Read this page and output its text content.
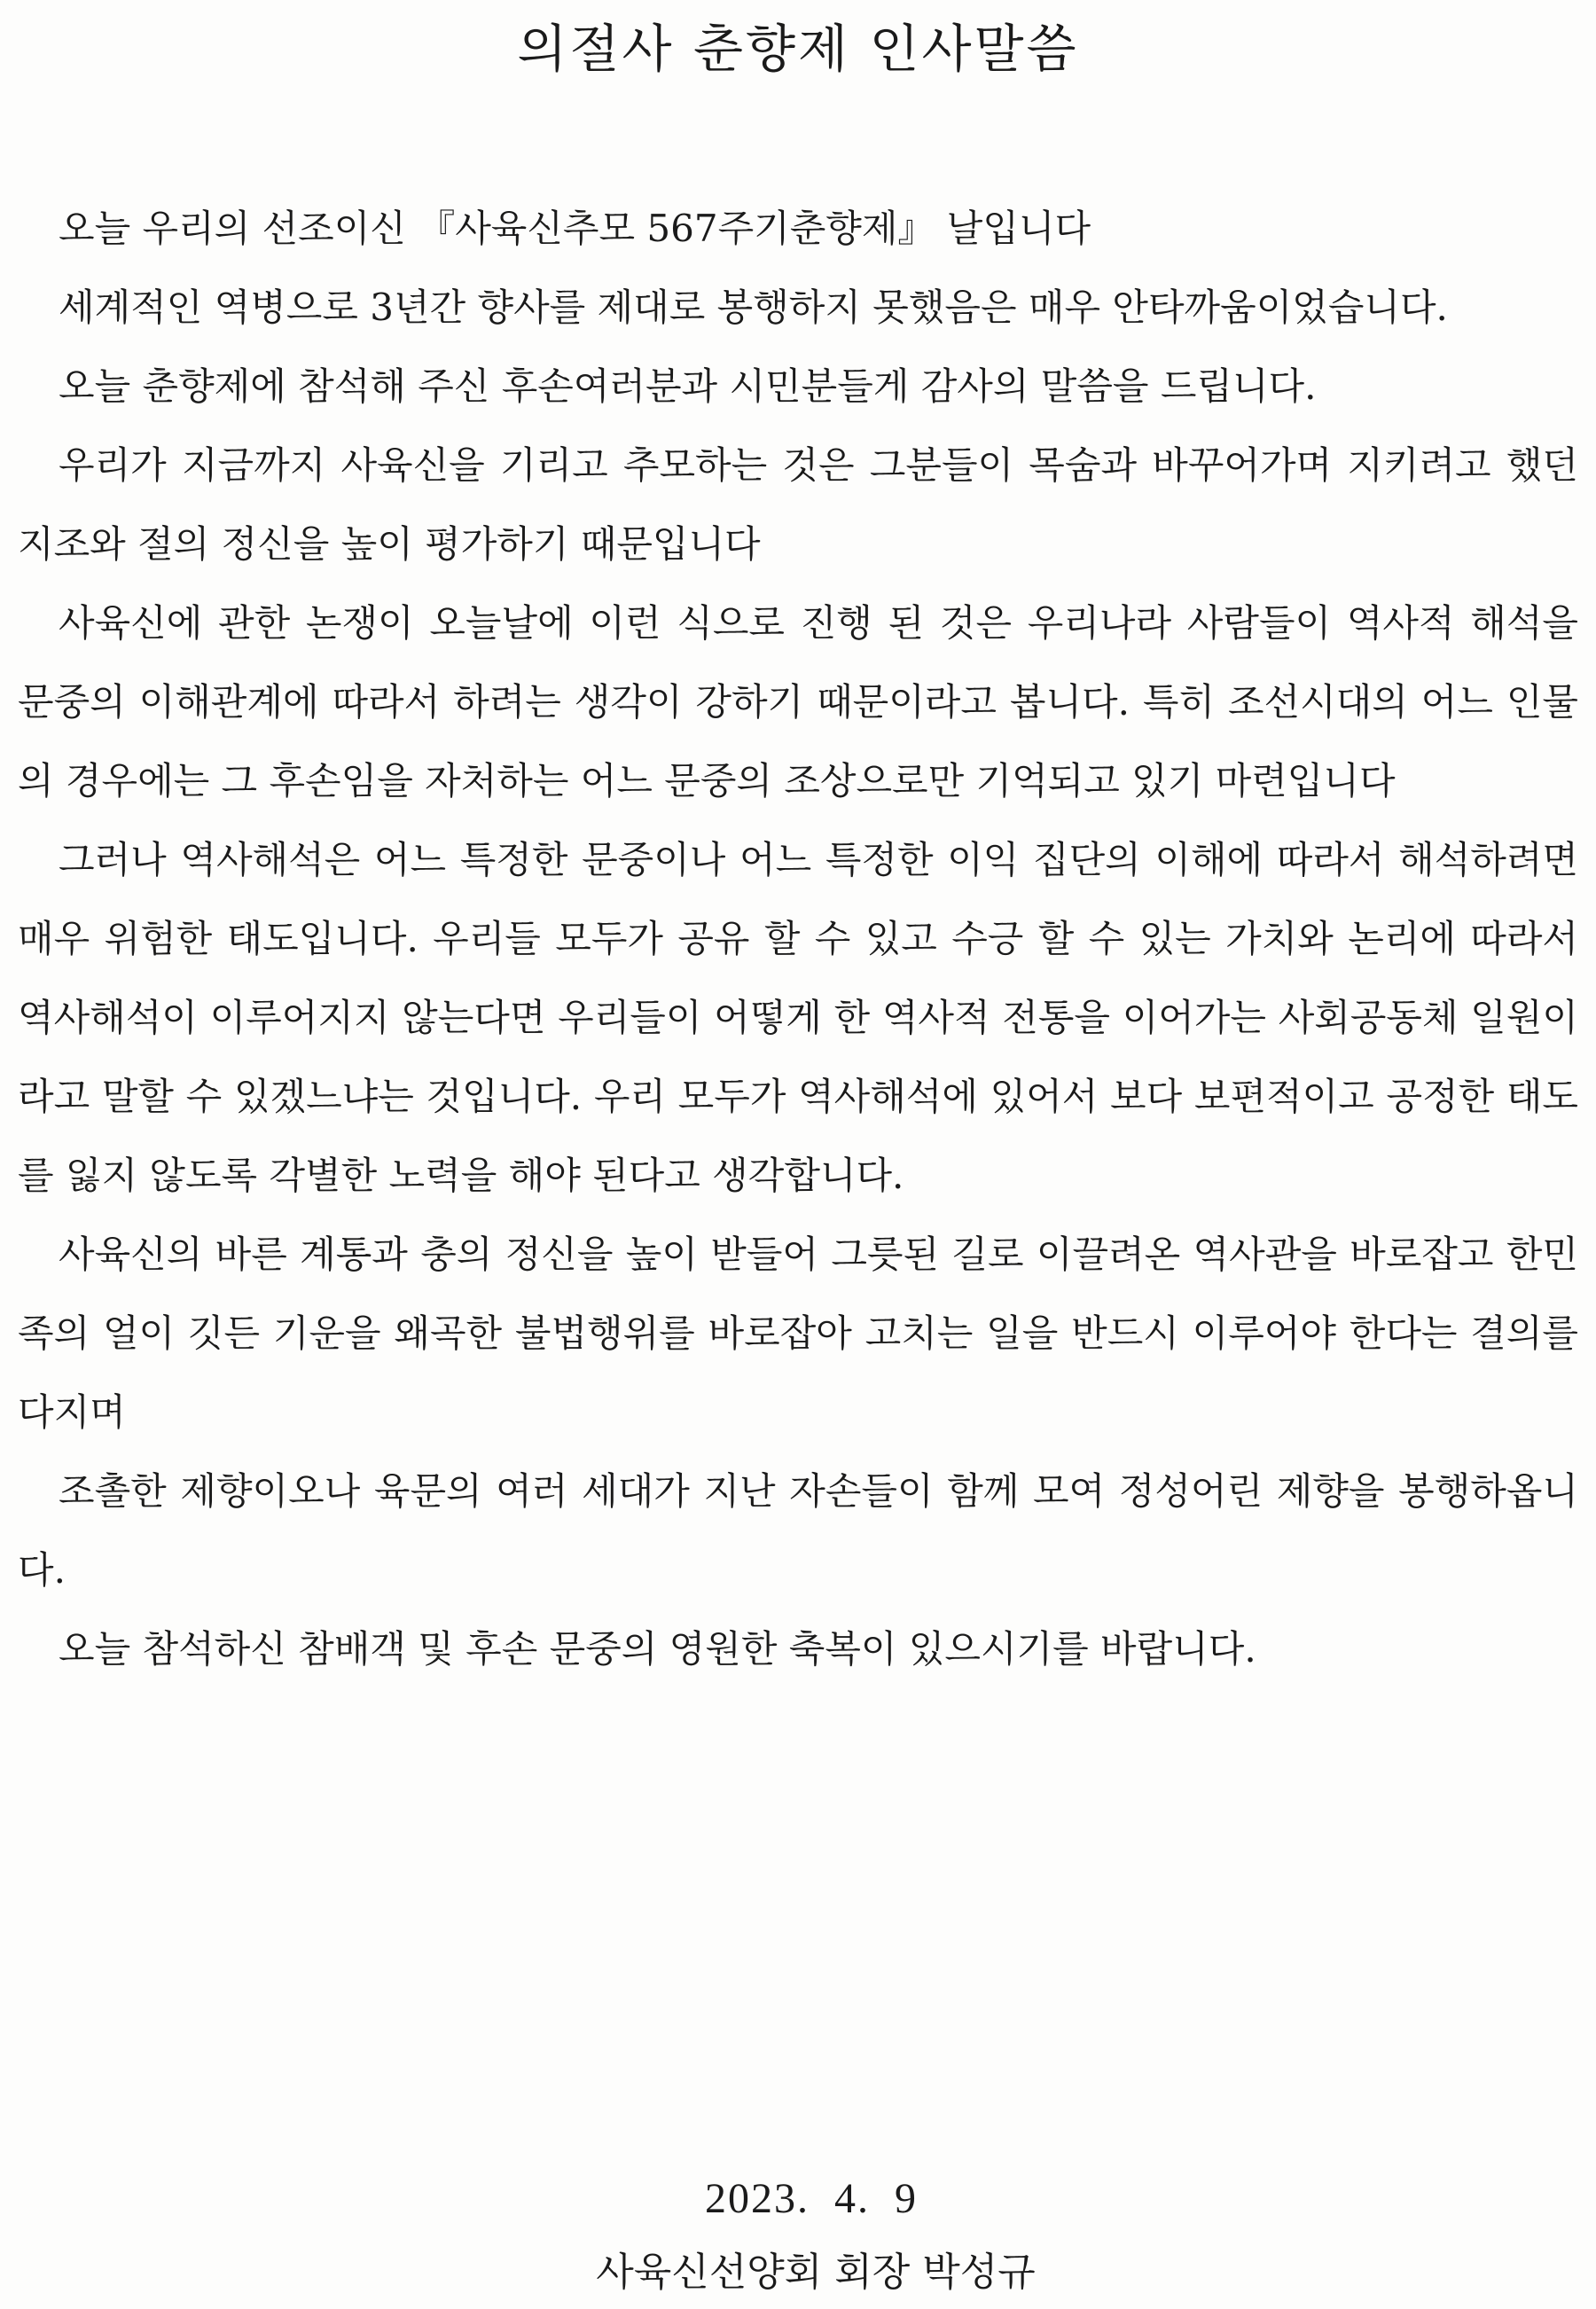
의절사 춘향제 인사말씀

오늘 우리의 선조이신 『사육신추모 567주기춘향제』 날입니다

세계적인 역병으로 3년간 향사를 제대로 봉행하지 못했음은 매우 안타까움이었습니다.

오늘 춘향제에 참석해 주신 후손여러분과 시민분들게 감사의 말씀을 드립니다.

우리가 지금까지 사육신을 기리고 추모하는 것은 그분들이 목숨과 바꾸어가며 지키려고 했던 지조와 절의 정신을 높이 평가하기 때문입니다

사육신에 관한 논쟁이 오늘날에 이런 식으로 진행 된 것은 우리나라 사람들이 역사적 해석을 문중의 이해관계에 따라서 하려는 생각이 강하기 때문이라고 봅니다. 특히 조선시대의 어느 인물의 경우에는 그 후손임을 자처하는 어느 문중의 조상으로만 기억되고 있기 마련입니다

그러나 역사해석은 어느 특정한 문중이나 어느 특정한 이익 집단의 이해에 따라서 해석하려면 매우 위험한 태도입니다. 우리들 모두가 공유 할 수 있고 수긍 할 수 있는 가치와 논리에 따라서 역사해석이 이루어지지 않는다면 우리들이 어떻게 한 역사적 전통을 이어가는 사회공동체 일원이라고 말할 수 있겠느냐는 것입니다. 우리 모두가 역사해석에 있어서 보다 보편적이고 공정한 태도를 잃지 않도록 각별한 노력을 해야 된다고 생각합니다.

사육신의 바른 계통과 충의 정신을 높이 받들어 그릇된 길로 이끌려온 역사관을 바로잡고 한민족의 얼이 깃든 기운을 왜곡한 불법행위를 바로잡아 고치는 일을 반드시 이루어야 한다는 결의를 다지며

조촐한 제향이오나 육문의 여러 세대가 지난 자손들이 함께 모여 정성어린 제향을 봉행하옵니다.

오늘 참석하신 참배객 및 후손 문중의 영원한 축복이 있으시기를 바랍니다.

2023.  4.  9
사육신선양회 회장 박성규
